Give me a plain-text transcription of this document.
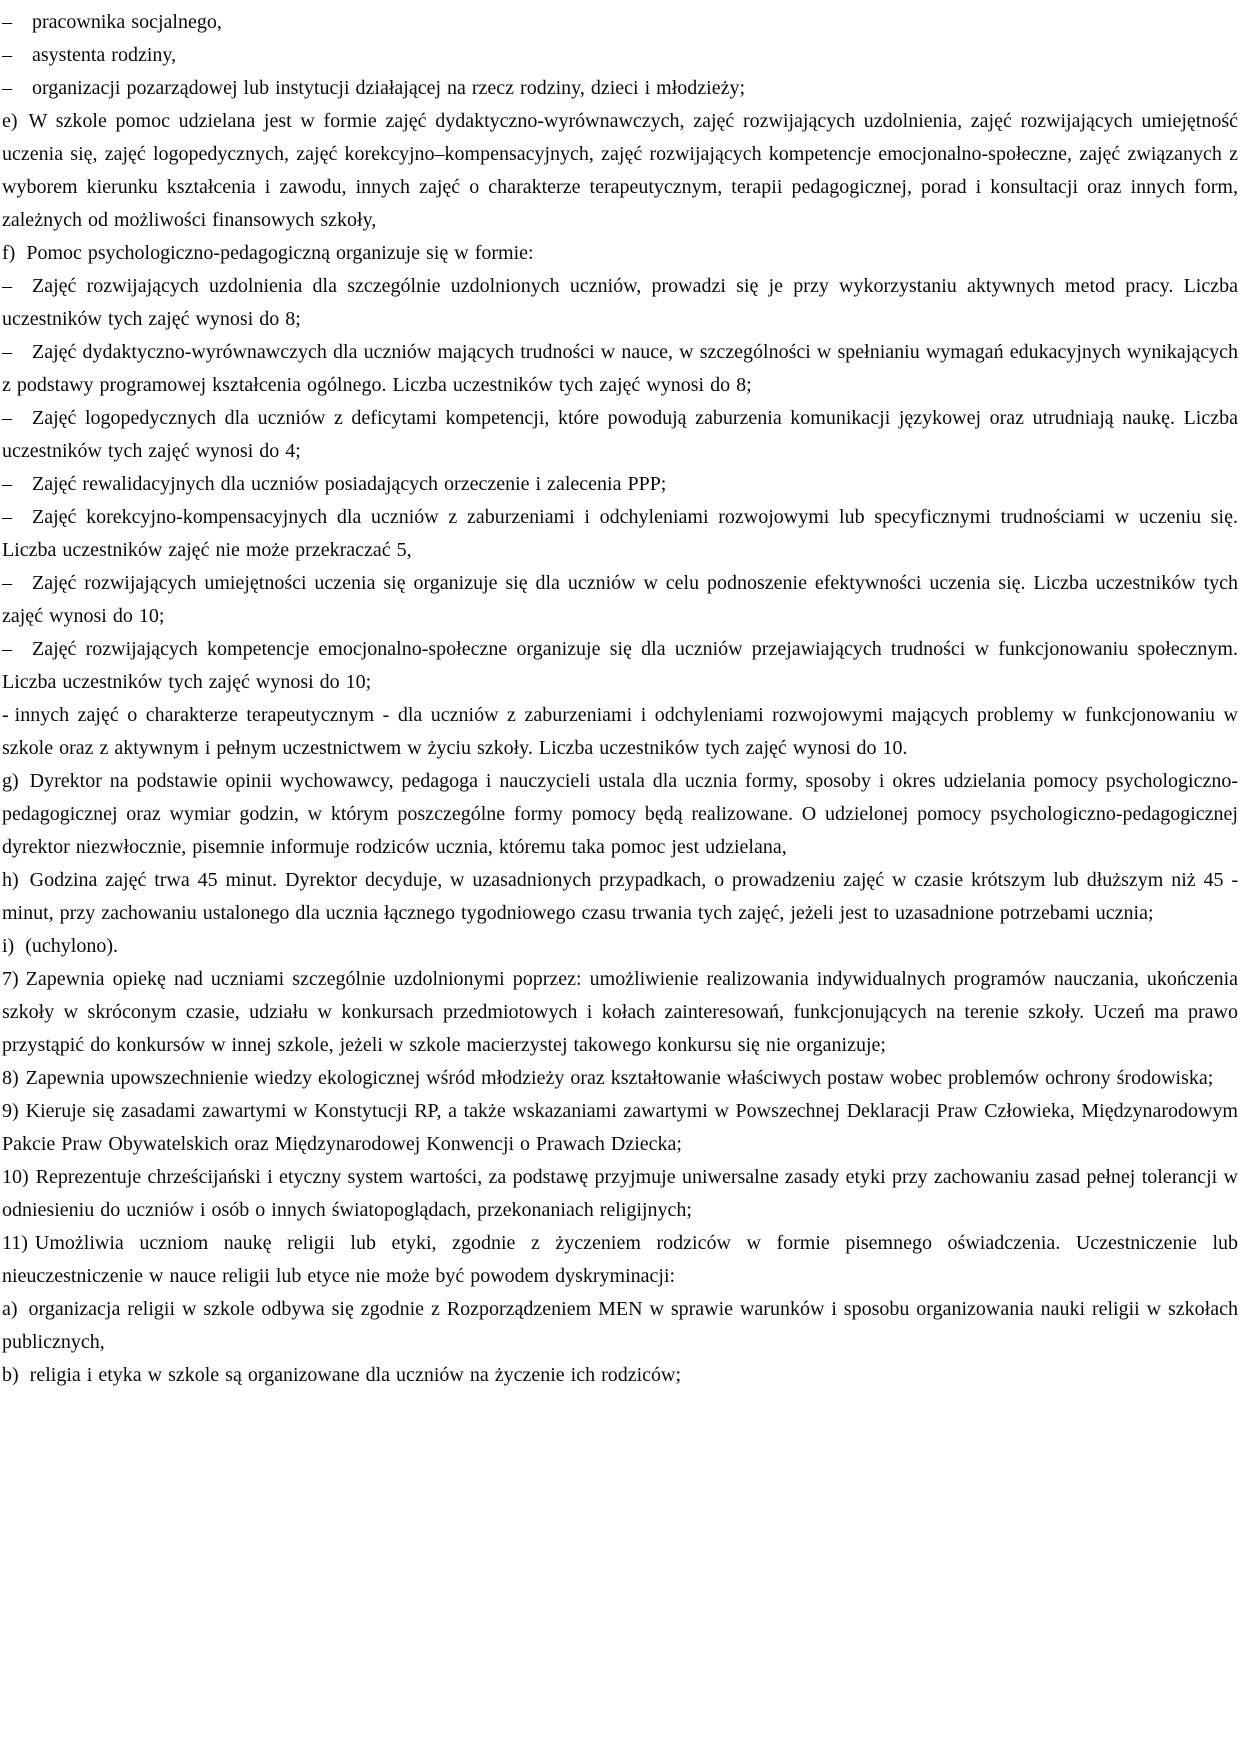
– pracownika socjalnego,

– asystenta rodziny,

– organizacji pozarządowej lub instytucji działającej na rzecz rodziny, dzieci i młodzieży;

e) W szkole pomoc udzielana jest w formie zajęć dydaktyczno-wyrównawczych, zajęć rozwijających uzdolnienia, zajęć rozwijających umiejętność uczenia się, zajęć logopedycznych, zajęć korekcyjno–kompensacyjnych, zajęć rozwijających kompetencje emocjonalno-społeczne, zajęć związanych z wyborem kierunku kształcenia i zawodu, innych zajęć o charakterze terapeutycznym, terapii pedagogicznej, porad i konsultacji oraz innych form, zależnych od możliwości finansowych szkoły,

f) Pomoc psychologiczno-pedagogiczną organizuje się w formie:

– Zajęć rozwijających uzdolnienia dla szczególnie uzdolnionych uczniów, prowadzi się je przy wykorzystaniu aktywnych metod pracy. Liczba uczestników tych zajęć wynosi do 8;

– Zajęć dydaktyczno-wyrównawczych dla uczniów mających trudności w nauce, w szczególności w spełnianiu wymagań edukacyjnych wynikających z podstawy programowej kształcenia ogólnego. Liczba uczestników tych zajęć wynosi do 8;

– Zajęć logopedycznych dla uczniów z deficytami kompetencji, które powodują zaburzenia komunikacji językowej oraz utrudniają naukę. Liczba uczestników tych zajęć wynosi do 4;

– Zajęć rewalidacyjnych dla uczniów posiadających orzeczenie i zalecenia PPP;

– Zajęć korekcyjno-kompensacyjnych dla uczniów z zaburzeniami i odchyleniami rozwojowymi lub specyficznymi trudnościami w uczeniu się. Liczba uczestników zajęć nie może przekraczać 5,

– Zajęć rozwijających umiejętności uczenia się organizuje się dla uczniów w celu podnoszenie efektywności uczenia się. Liczba uczestników tych zajęć wynosi do 10;

– Zajęć rozwijających kompetencje emocjonalno-społeczne organizuje się dla uczniów przejawiających trudności w funkcjonowaniu społecznym. Liczba uczestników tych zajęć wynosi do 10;

- innych zajęć o charakterze terapeutycznym - dla uczniów z zaburzeniami i odchyleniami rozwojowymi mających problemy w funkcjonowaniu w szkole oraz z aktywnym i pełnym uczestnictwem w życiu szkoły. Liczba uczestników tych zajęć wynosi do 10.

g) Dyrektor na podstawie opinii wychowawcy, pedagoga i nauczycieli ustala dla ucznia formy, sposoby i okres udzielania pomocy psychologiczno-pedagogicznej oraz wymiar godzin, w którym poszczególne formy pomocy będą realizowane. O udzielonej pomocy psychologiczno-pedagogicznej dyrektor niezwłocznie, pisemnie informuje rodziców ucznia, któremu taka pomoc jest udzielana,

h) Godzina zajęć trwa 45 minut. Dyrektor decyduje, w uzasadnionych przypadkach, o prowadzeniu zajęć w czasie krótszym lub dłuższym niż 45 -minut, przy zachowaniu ustalonego dla ucznia łącznego tygodniowego czasu trwania tych zajęć, jeżeli jest to uzasadnione potrzebami ucznia;

i) (uchylono).

7) Zapewnia opiekę nad uczniami szczególnie uzdolnionymi poprzez: umożliwienie realizowania indywidualnych programów nauczania, ukończenia szkoły w skróconym czasie, udziału w konkursach przedmiotowych i kołach zainteresowań, funkcjonujących na terenie szkoły. Uczeń ma prawo przystąpić do konkursów w innej szkole, jeżeli w szkole macierzystej takowego konkursu się nie organizuje;

8) Zapewnia upowszechnienie wiedzy ekologicznej wśród młodzieży oraz kształtowanie właściwych postaw wobec problemów ochrony środowiska;

9) Kieruje się zasadami zawartymi w Konstytucji RP, a także wskazaniami zawartymi w Powszechnej Deklaracji Praw Człowieka, Międzynarodowym Pakcie Praw Obywatelskich oraz Międzynarodowej Konwencji o Prawach Dziecka;

10) Reprezentuje chrześcijański i etyczny system wartości, za podstawę przyjmuje uniwersalne zasady etyki przy zachowaniu zasad pełnej tolerancji w odniesieniu do uczniów i osób o innych światopoglądach, przekonaniach religijnych;

11) Umożliwia uczniom naukę religii lub etyki, zgodnie z życzeniem rodziców w formie pisemnego oświadczenia. Uczestniczenie lub nieuczestniczenie w nauce religii lub etyce nie może być powodem dyskryminacji:

a) organizacja religii w szkole odbywa się zgodnie z Rozporządzeniem MEN w sprawie warunków i sposobu organizowania nauki religii w szkołach publicznych,

b) religia i etyka w szkole są organizowane dla uczniów na życzenie ich rodziców;
